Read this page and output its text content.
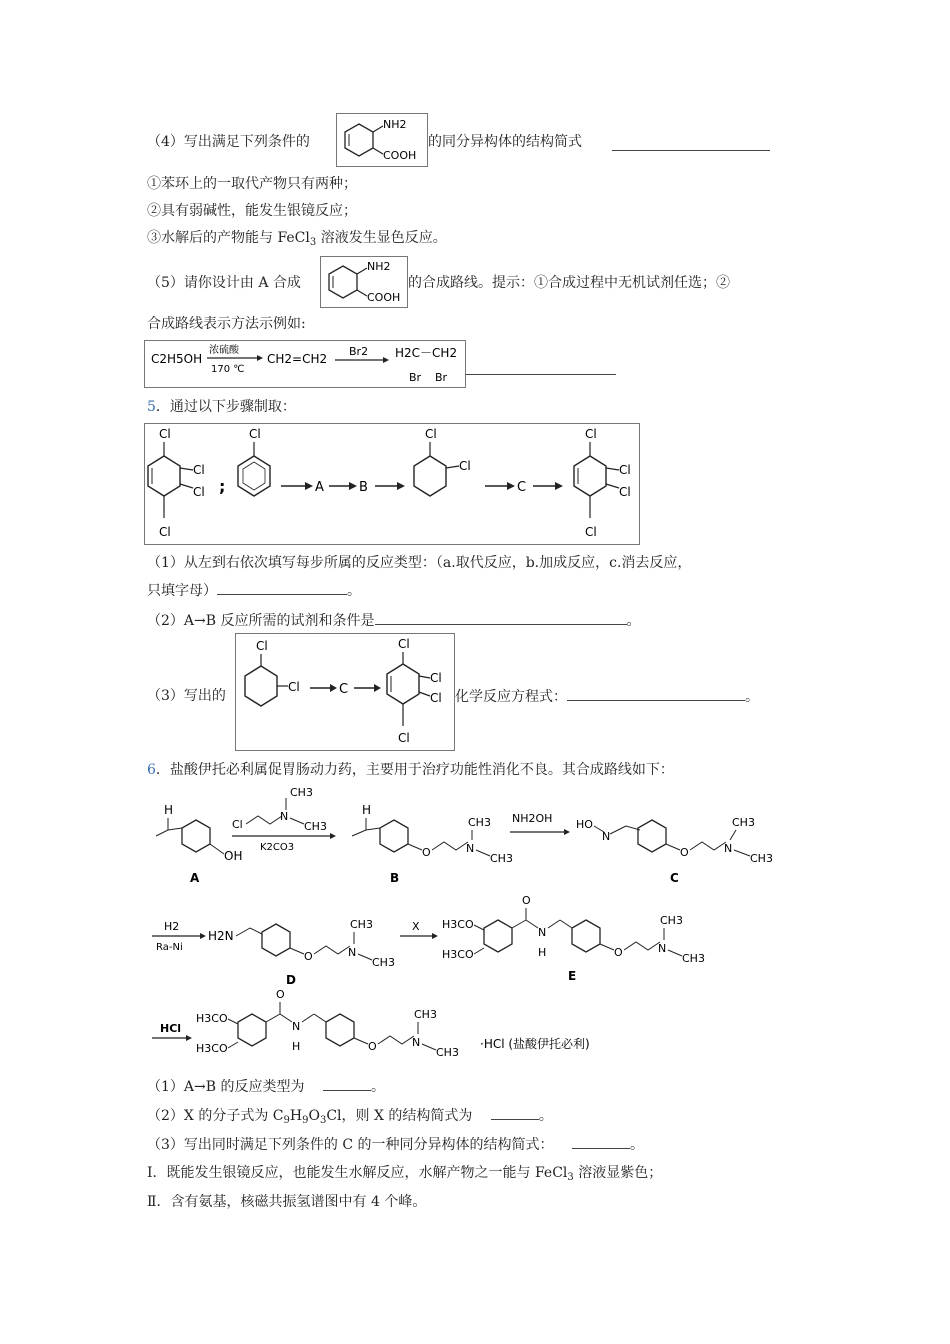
（4）写出满足下列条件的
NH2
COOH
的同分异构体的结构简式
①苯环上的一取代产物只有两种；
②具有弱碱性，能发生银镜反应；
③水解后的产物能与 FeCl$_3$ 溶液发生显色反应。
（5）请你设计由 A 合成
NH2
COOH
的合成路线。提示：①合成过程中无机试剂任选；②
合成路线表示方法示例如:
C2H5OH
浓硫酸
170 ℃
CH2=CH2
Br2 H2C－CH2
Br Br
5．通过以下步骤制取：
Cl
Cl
Cl
Cl
;
Cl
A	B
Cl
Cl
C
Cl
Cl
Cl
Cl
（1）从左到右依次填写每步所属的反应类型：（a.取代反应，b.加成反应，c.消去反应，
只填字母）	。
（2）A→B 反应所需的试剂和条件是	。
（3）写出的
Cl
Cl	C
Cl
Cl
Cl
Cl
化学反应方程式：	。
6．盐酸伊托必利属促胃肠动力药，主要用于治疗功能性消化不良。其合成路线如下：
H
OH
A
Cl
N
CH3
CH3
K2CO3
H
O	N
CH3
CH3
B
NH2OH HO
N
O	N
CH3
CH3
C
H2
Ra-Ni
H2N
O	N
CH3
CH3
D
X H3CO
H3CO
O
N
H	O	N
CH3
CH3
E
HCl
H3CO
H3CO
O
N
H	O	N
CH3
CH3
·HCl (盐酸伊托必利)
（1）A→B 的反应类型为	。
（2）X 的分子式为 $C_9H_9O_3Cl$，则 X 的结构简式为	。
（3）写出同时满足下列条件的 C 的一种同分异构体的结构简式：	。
Ⅰ．既能发生银镜反应，也能发生水解反应，水解产物之一能与 FeCl$_3$ 溶液显紫色；
Ⅱ．含有氨基，核磁共振氢谱图中有 4 个峰。
